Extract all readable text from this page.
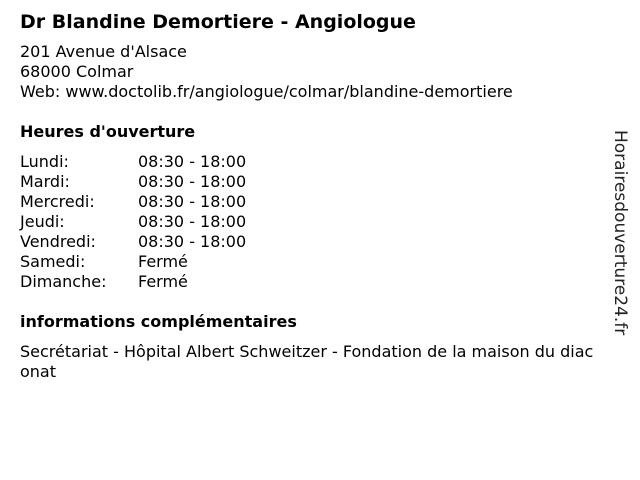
Dr Blandine Demortiere - Angiologue
201 Avenue d'Alsace
68000 Colmar
Web: www.doctolib.fr/angiologue/colmar/blandine-demortiere
Heures d'ouverture
Lundi:	08:30 - 18:00
Mardi:	08:30 - 18:00
Mercredi:	08:30 - 18:00
Jeudi:	08:30 - 18:00
Vendredi:	08:30 - 18:00
Samedi:	Fermé
Dimanche:	Fermé
informations complémentaires
Secrétariat - Hôpital Albert Schweitzer - Fondation de la maison du diaconat
Horairesdouverture24.fr
